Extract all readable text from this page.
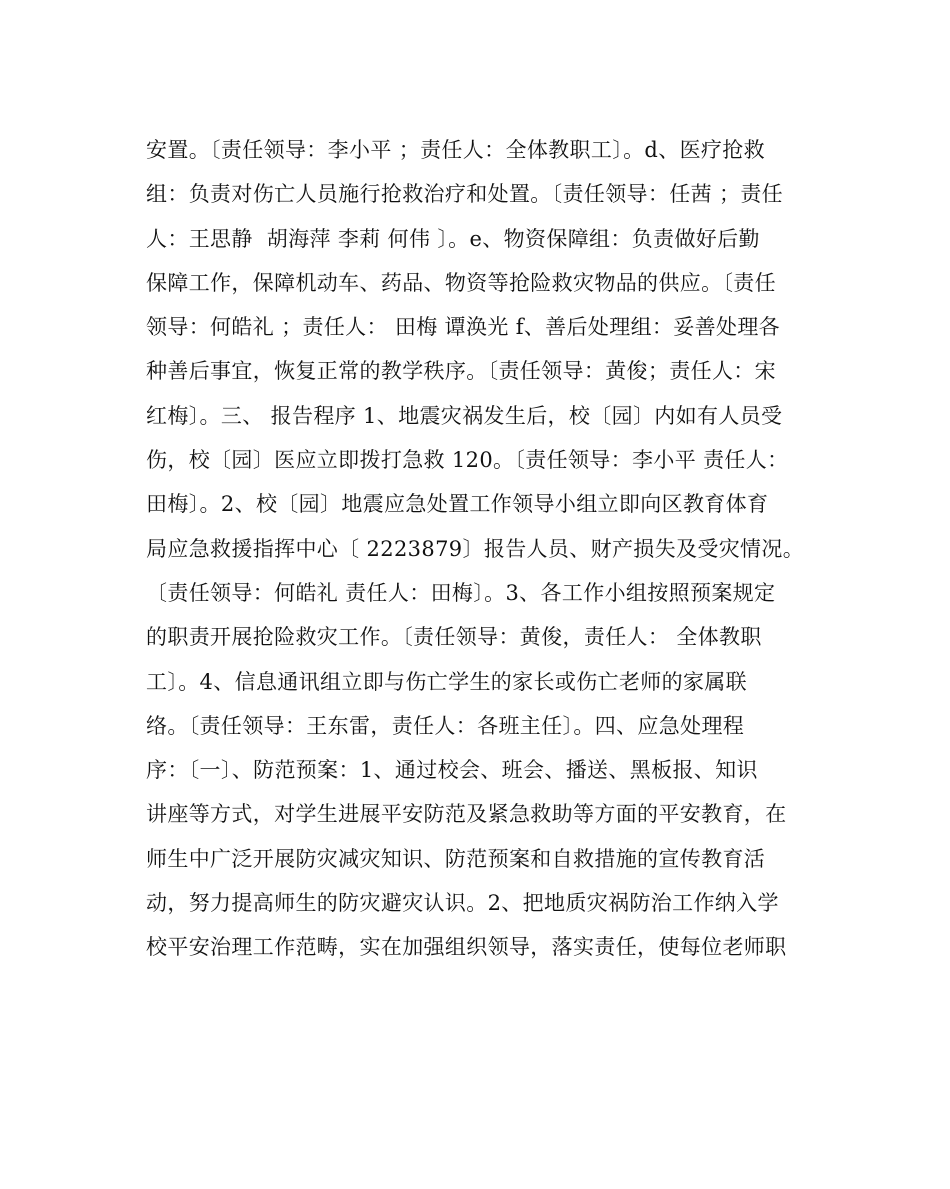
安置。〔责任领导：李小平 ；责任人：全体教职工〕。d、医疗抢救
组：负责对伤亡人员施行抢救治疗和处置。〔责任领导：任茜 ；责任
人：王思静  胡海萍 李莉 何伟 〕。e、物资保障组：负责做好后勤
保障工作，保障机动车、药品、物资等抢险救灾物品的供应。〔责任
领导：何皓礼 ；责任人： 田梅 谭涣光 f、善后处理组：妥善处理各
种善后事宜，恢复正常的教学秩序。〔责任领导：黄俊；责任人：宋
红梅〕。三、 报告程序 1、地震灾祸发生后，校〔园〕内如有人员受
伤，校〔园〕医应立即拨打急救 120。〔责任领导：李小平 责任人：
田梅〕。2、校〔园〕地震应急处置工作领导小组立即向区教育体育
局应急救援指挥中心〔 2223879〕报告人员、财产损失及受灾情况。
〔责任领导：何皓礼 责任人：田梅〕。3、各工作小组按照预案规定
的职责开展抢险救灾工作。〔责任领导：黄俊，责任人： 全体教职
工〕。4、信息通讯组立即与伤亡学生的家长或伤亡老师的家属联
络。〔责任领导：王东雷，责任人：各班主任〕。四、应急处理程
序：〔一〕、防范预案：1、通过校会、班会、播送、黑板报、知识
讲座等方式，对学生进展平安防范及紧急救助等方面的平安教育，在
师生中广泛开展防灾减灾知识、防范预案和自救措施的宣传教育活
动，努力提高师生的防灾避灾认识。2、把地质灾祸防治工作纳入学
校平安治理工作范畴，实在加强组织领导，落实责任，使每位老师职
